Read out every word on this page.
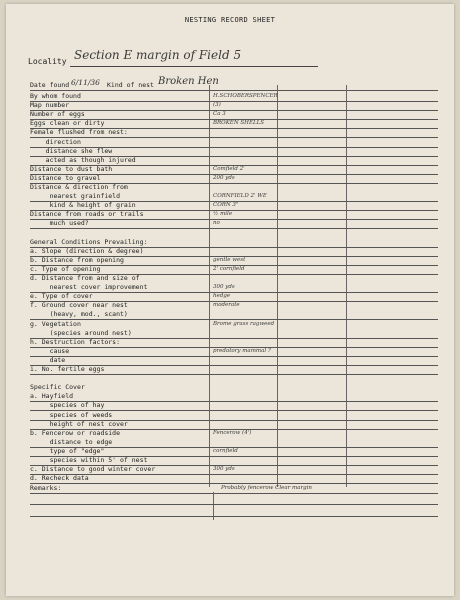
NESTING RECORD SHEET
Locality Section E margin of Field 5
Date found 6/11/36 Kind of nest Broken Hen
By whom found	H.SCHOBERSPENCER
Map number	(3)
Number of eggs	Ca 3
Eggs clean or dirty	BROKEN SHELLS
Female flushed from nest:
direction
distance she flew
acted as though injured
Distance to dust bath	Comfield 2'
Distance to gravel	200 yds
Distance & direction from
nearest grainfield	CORNFIELD 2' WE
kind & height of grain	CORN 3"
Distance from roads or trails	½ mile
much used?	no
General Conditions Prevailing:
a. Slope (direction & degree)
b. Distance from opening	gentle west
c. Type of opening	2' cornfield
d. Distance from and size of
nearest cover improvement	300 yds
e. Type of cover	hedge
f. Ground cover near nest	moderate
(heavy, mod., scant)
g. Vegetation	Brome grass ragweed
(species around nest)
h. Destruction factors:
cause	predatory mammal ?
date
i. No. fertile eggs
Specific Cover
a. Hayfield
species of hay
species of weeds
height of nest cover
b. Fencerow or roadside	Fencerow (4')
distance to edge
type of "edge"	cornfield
species within 5' of nest
c. Distance to good winter cover	300 yds
d. Recheck data
Remarks:	Probably fencerow Clear margin
